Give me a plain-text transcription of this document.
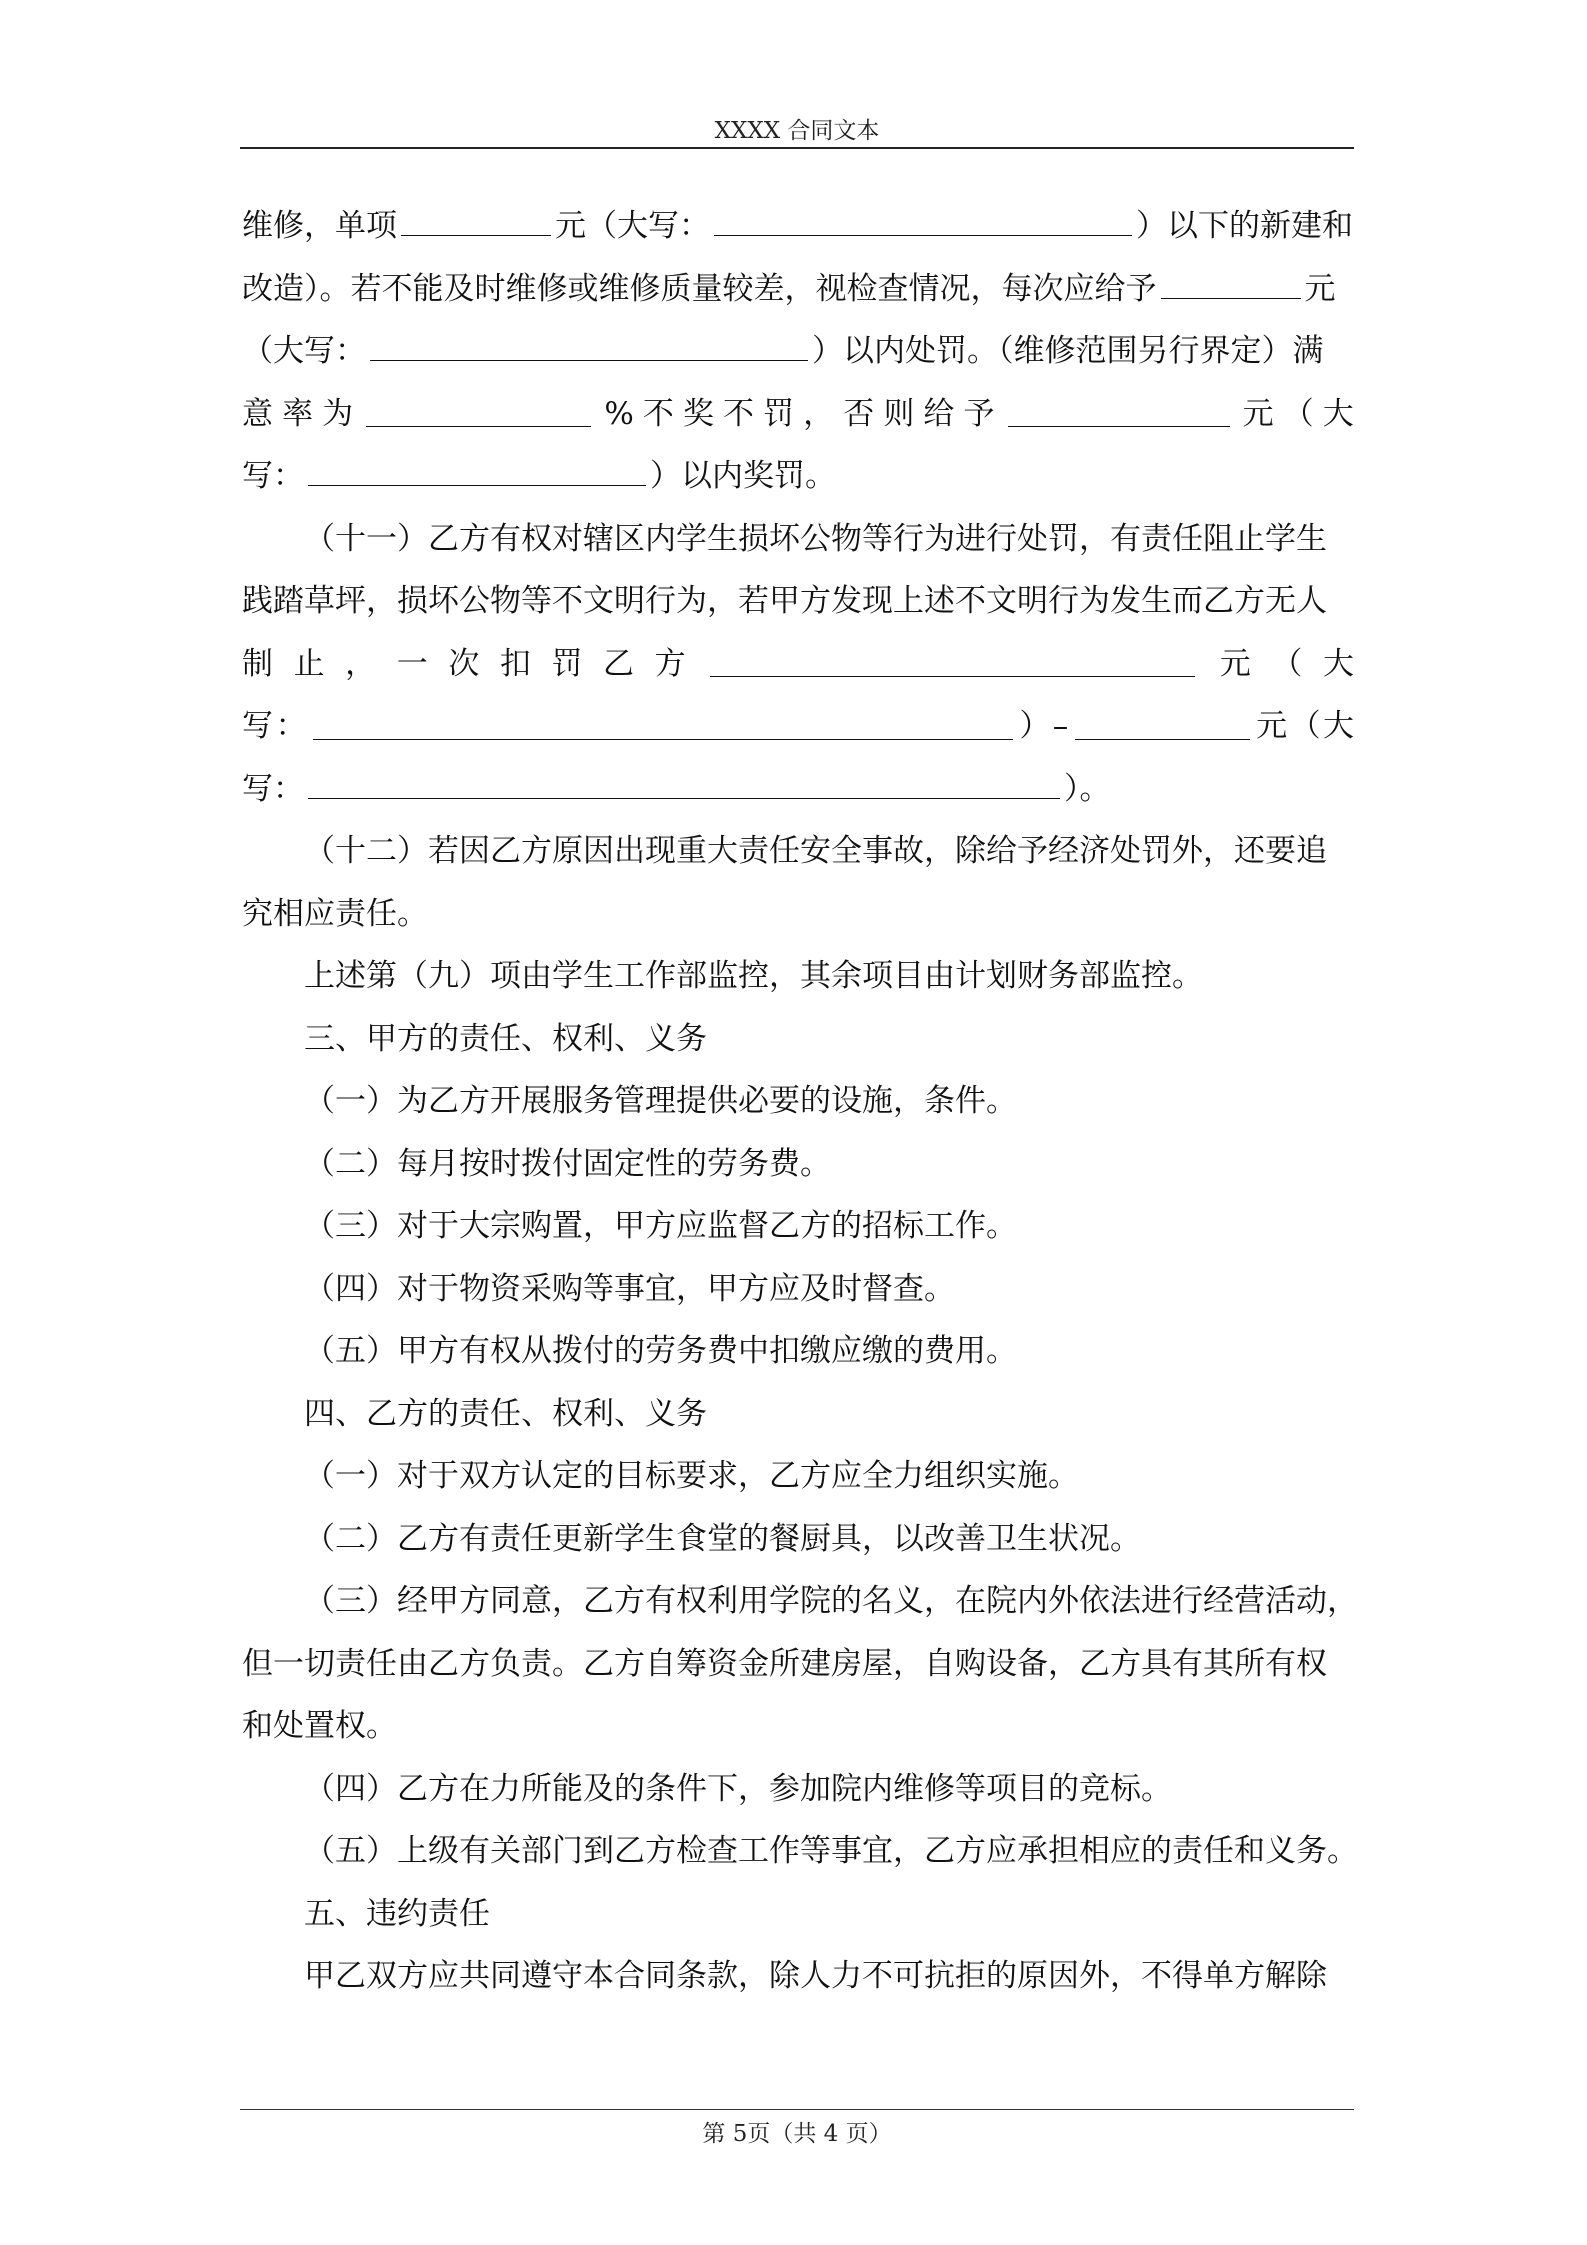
XXXX 合同文本
维修，单项	元（大写：	）以下的新建和
改造）。若不能及时维修或维修质量较差，视检查情况，每次应给予	元
（大写：	）以内处罚。（维修范围另行界定）满
意 率 为	% 不 奖 不 罚 ， 否 则 给 予	元 （ 大
写：	）以内奖罚。
（十一）乙方有权对辖区内学生损坏公物等行为进行处罚，有责任阻止学生
践踏草坪，损坏公物等不文明行为，若甲方发现上述不文明行为发生而乙方无人
制 止 ， 一 次 扣 罚 乙 方	元 （ 大
写 ：	） –	元 （ 大
写：	）。
（十二）若因乙方原因出现重大责任安全事故，除给予经济处罚外，还要追
究相应责任。
上述第（九）项由学生工作部监控，其余项目由计划财务部监控。
三、甲方的责任、权利、义务
（一）为乙方开展服务管理提供必要的设施，条件。
（二）每月按时拨付固定性的劳务费。
（三）对于大宗购置，甲方应监督乙方的招标工作。
（四）对于物资采购等事宜，甲方应及时督查。
（五）甲方有权从拨付的劳务费中扣缴应缴的费用。
四、乙方的责任、权利、义务
（一）对于双方认定的目标要求，乙方应全力组织实施。
（二）乙方有责任更新学生食堂的餐厨具，以改善卫生状况。
（三）经甲方同意，乙方有权利用学院的名义，在院内外依法进行经营活动，
但一切责任由乙方负责。乙方自筹资金所建房屋，自购设备，乙方具有其所有权
和处置权。
（四）乙方在力所能及的条件下，参加院内维修等项目的竞标。
（五）上级有关部门到乙方检查工作等事宜，乙方应承担相应的责任和义务。
五、违约责任
甲乙双方应共同遵守本合同条款，除人力不可抗拒的原因外，不得单方解除
第 5页（共 4 页）
